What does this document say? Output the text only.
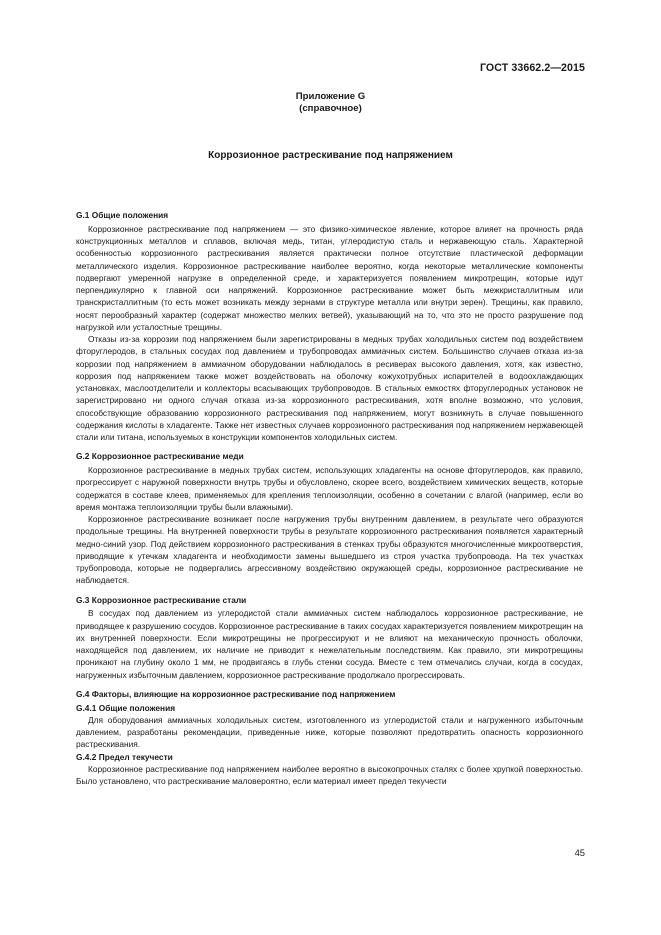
ГОСТ 33662.2—2015
Приложение G
(справочное)
Коррозионное растрескивание под напряжением
G.1 Общие положения

Коррозионное растрескивание под напряжением — это физико-химическое явление, которое влияет на прочность ряда конструкционных металлов и сплавов, включая медь, титан, углеродистую сталь и нержавеющую сталь. Характерной особенностью коррозионного растрескивания является практически полное отсутствие пластической деформации металлического изделия. Коррозионное растрескивание наиболее вероятно, когда некоторые металлические компоненты подвергают умеренной нагрузке в определенной среде, и характеризуется появлением микротрещин, которые идут перпендикулярно к главной оси напряжений. Коррозионное растрескивание может быть межкристаллитным или транскристаллитным (то есть может возникать между зернами в структуре металла или внутри зерен). Трещины, как правило, носят перообразный характер (содержат множество мелких ветвей), указывающий на то, что это не просто разрушение под нагрузкой или усталостные трещины.

Отказы из-за коррозии под напряжением были зарегистрированы в медных трубах холодильных систем под воздействием фторуглеродов, в стальных сосудах под давлением и трубопроводах аммиачных систем. Большинство случаев отказа из-за коррозии под напряжением в аммиачном оборудовании наблюдалось в ресиверах высокого давления, хотя, как известно, коррозия под напряжением также может воздействовать на оболочку кожухотрубных испарителей в водоохлаждающих установках, маслоотделители и коллекторы всасывающих трубопроводов. В стальных емкостях фторуглеродных установок не зарегистрировано ни одного случая отказа из-за коррозионного растрескивания, хотя вполне возможно, что условия, способствующие образованию коррозионного растрескивания под напряжением, могут возникнуть в случае повышенного содержания кислоты в хладагенте. Также нет известных случаев коррозионного растрескивания под напряжением нержавеющей стали или титана, используемых в конструкции компонентов холодильных систем.

G.2 Коррозионное растрескивание меди

Коррозионное растрескивание в медных трубах систем, использующих хладагенты на основе фторуглеродов, как правило, прогрессирует с наружной поверхности внутрь трубы и обусловлено, скорее всего, воздействием химических веществ, которые содержатся в составе клеев, применяемых для крепления теплоизоляции, особенно в сочетании с влагой (например, если во время монтажа теплоизоляции трубы были влажными).

Коррозионное растрескивание возникает после нагружения трубы внутренним давлением, в результате чего образуются продольные трещины. На внутренней поверхности трубы в результате коррозионного растрескивания появляется характерный медно-синий узор. Под действием коррозионного растрескивания в стенках трубы образуются многочисленные микроотверстия, приводящие к утечкам хладагента и необходимости замены вышедшего из строя участка трубопровода. На тех участках трубопровода, которые не подвергались агрессивному воздействию окружающей среды, коррозионное растрескивание не наблюдается.

G.3 Коррозионное растрескивание стали

В сосудах под давлением из углеродистой стали аммиачных систем наблюдалось коррозионное растрескивание, не приводящее к разрушению сосудов. Коррозионное растрескивание в таких сосудах характеризуется появлением микротрещин на их внутренней поверхности. Если микротрещины не прогрессируют и не влияют на механическую прочность оболочки, находящейся под давлением, их наличие не приводит к нежелательным последствиям. Как правило, эти микротрещины проникают на глубину около 1 мм, не продвигаясь в глубь стенки сосуда. Вместе с тем отмечались случаи, когда в сосудах, нагруженных избыточным давлением, коррозионное растрескивание продолжало прогрессировать.

G.4 Факторы, влияющие на коррозионное растрескивание под напряжением
G.4.1 Общие положения

Для оборудования аммиачных холодильных систем, изготовленного из углеродистой стали и нагруженного избыточным давлением, разработаны рекомендации, приведенные ниже, которые позволяют предотвратить опасность коррозионного растрескивания.

G.4.2 Предел текучести

Коррозионное растрескивание под напряжением наиболее вероятно в высокопрочных сталях с более хрупкой поверхностью. Было установлено, что растрескивание маловероятно, если материал имеет предел текучести

45
